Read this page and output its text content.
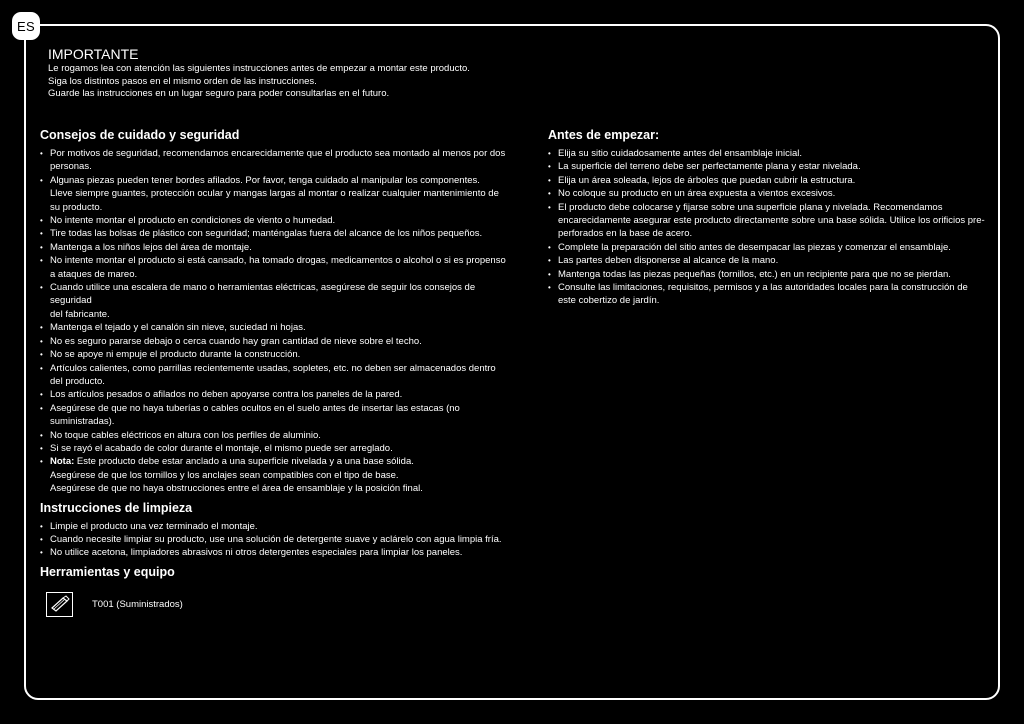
ES
IMPORTANTE
Le rogamos lea con atención las siguientes instrucciones antes de empezar a montar este producto.
Siga los distintos pasos en el mismo orden de las instrucciones.
Guarde las instrucciones en un lugar seguro para poder consultarlas en el futuro.
Consejos de cuidado y seguridad
• Por motivos de seguridad, recomendamos encarecidamente que el producto sea montado al menos por dos personas.
• Algunas piezas pueden tener bordes afilados. Por favor, tenga cuidado al manipular los componentes.
Lleve siempre guantes, protección ocular y mangas largas al montar o realizar cualquier mantenimiento de su producto.
• No intente montar el producto en condiciones de viento o humedad.
• Tire todas las bolsas de plástico con seguridad; manténgalas fuera del alcance de los niños pequeños.
• Mantenga a los niños lejos del área de montaje.
• No intente montar el producto si está cansado, ha tomado drogas, medicamentos o alcohol o si es propenso a ataques de mareo.
• Cuando utilice una escalera de mano o herramientas eléctricas, asegúrese de seguir los consejos de seguridad
del fabricante.
• Mantenga el tejado y el canalón sin nieve, suciedad ni hojas.
• No es seguro pararse debajo o cerca cuando hay gran cantidad de nieve sobre el techo.
• No se apoye ni empuje el producto durante la construcción.
• Artículos calientes, como parrillas recientemente usadas, sopletes, etc. no deben ser almacenados dentro del producto.
• Los artículos pesados o afilados no deben apoyarse contra los paneles de la pared.
• Asegúrese de que no haya tuberías o cables ocultos en el suelo antes de insertar las estacas (no suministradas).
• No toque cables eléctricos en altura con los perfiles de aluminio.
• Si se rayó el acabado de color durante el montaje, el mismo puede ser arreglado.
• Nota: Este producto debe estar anclado a una superficie nivelada y a una base sólida.
Asegúrese de que los tornillos y los anclajes sean compatibles con el tipo de base.
Asegúrese de que no haya obstrucciones entre el área de ensamblaje y la posición final.
Instrucciones de limpieza
• Limpie el producto una vez terminado el montaje.
• Cuando necesite limpiar su producto, use una solución de detergente suave y aclárelo con agua limpia fría.
• No utilice acetona, limpiadores abrasivos ni otros detergentes especiales para limpiar los paneles.
Herramientas y equipo
T001 (Suministrados)
Antes de empezar:
• Elija su sitio cuidadosamente antes del ensamblaje inicial.
• La superficie del terreno debe ser perfectamente plana y estar nivelada.
• Elija un área soleada, lejos de árboles que puedan cubrir la estructura.
• No coloque su producto en un área expuesta a vientos excesivos.
• El producto debe colocarse y fijarse sobre una superficie plana y nivelada. Recomendamos encarecidamente asegurar este producto directamente sobre una base sólida. Utilice los orificios pre-perforados en la base de acero.
• Complete la preparación del sitio antes de desempacar las piezas y comenzar el ensamblaje.
• Las partes deben disponerse al alcance de la mano.
• Mantenga todas las piezas pequeñas (tornillos, etc.) en un recipiente para que no se pierdan.
• Consulte las limitaciones, requisitos, permisos y a las autoridades locales para la construcción de este cobertizo de jardín.
